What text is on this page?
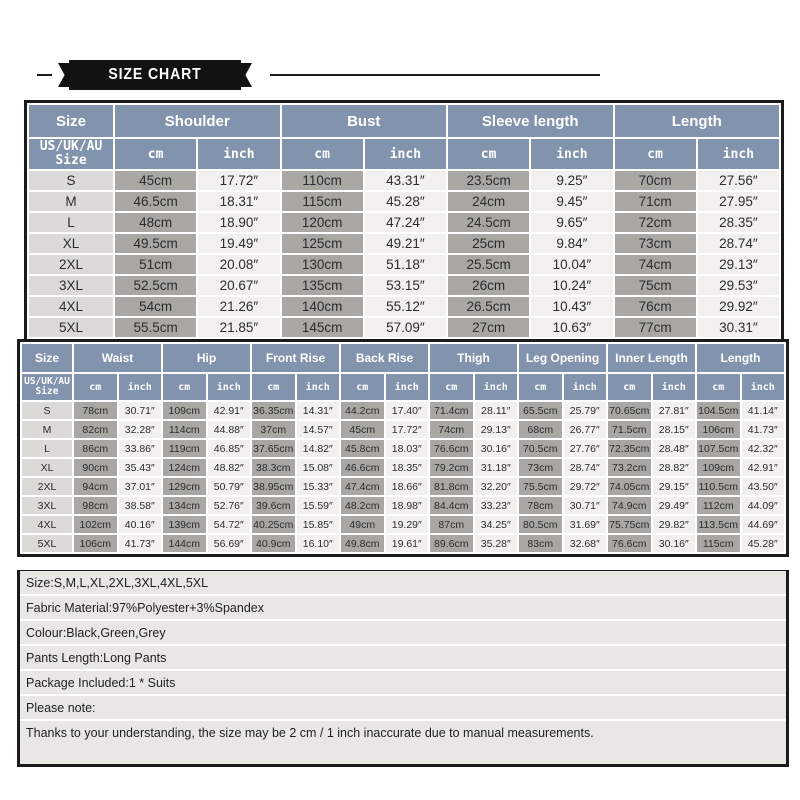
SIZE CHART
Size	Shoulder		Bust		Sleeve length		Length	
US/UK/AU Size	cm	inch	cm	inch	cm	inch	cm	inch
S	45cm	17.72″	110cm	43.31″	23.5cm	9.25″	70cm	27.56″
M	46.5cm	18.31″	115cm	45.28″	24cm	9.45″	71cm	27.95″
L	48cm	18.90″	120cm	47.24″	24.5cm	9.65″	72cm	28.35″
XL	49.5cm	19.49″	125cm	49.21″	25cm	9.84″	73cm	28.74″
2XL	51cm	20.08″	130cm	51.18″	25.5cm	10.04″	74cm	29.13″
3XL	52.5cm	20.67″	135cm	53.15″	26cm	10.24″	75cm	29.53″
4XL	54cm	21.26″	140cm	55.12″	26.5cm	10.43″	76cm	29.92″
5XL	55.5cm	21.85″	145cm	57.09″	27cm	10.63″	77cm	30.31″
Size	Waist		Hip		Front Rise		Back Rise		Thigh		Leg Opening		Inner Length		Length	
US/UK/AU Size	cm	inch	cm	inch	cm	inch	cm	inch	cm	inch	cm	inch	cm	inch	cm	inch
S	78cm	30.71″	109cm	42.91″	36.35cm	14.31″	44.2cm	17.40″	71.4cm	28.11″	65.5cm	25.79″	70.65cm	27.81″	104.5cm	41.14″
M	82cm	32.28″	114cm	44.88″	37cm	14.57″	45cm	17.72″	74cm	29.13″	68cm	26.77″	71.5cm	28.15″	106cm	41.73″
L	86cm	33.86″	119cm	46.85″	37.65cm	14.82″	45.8cm	18.03″	76.6cm	30.16″	70.5cm	27.76″	72.35cm	28.48″	107.5cm	42.32″
XL	90cm	35.43″	124cm	48.82″	38.3cm	15.08″	46.6cm	18.35″	79.2cm	31.18″	73cm	28.74″	73.2cm	28.82″	109cm	42.91″
2XL	94cm	37.01″	129cm	50.79″	38.95cm	15.33″	47.4cm	18.66″	81.8cm	32.20″	75.5cm	29.72″	74.05cm	29.15″	110.5cm	43.50″
3XL	98cm	38.58″	134cm	52.76″	39.6cm	15.59″	48.2cm	18.98″	84.4cm	33.23″	78cm	30.71″	74.9cm	29.49″	112cm	44.09″
4XL	102cm	40.16″	139cm	54.72″	40.25cm	15.85″	49cm	19.29″	87cm	34.25″	80.5cm	31.69″	75.75cm	29.82″	113.5cm	44.69″
5XL	106cm	41.73″	144cm	56.69″	40.9cm	16.10″	49.8cm	19.61″	89.6cm	35.28″	83cm	32.68″	76.6cm	30.16″	115cm	45.28″
Size:S,M,L,XL,2XL,3XL,4XL,5XL
Fabric Material:97%Polyester+3%Spandex
Colour:Black,Green,Grey
Pants Length:Long Pants
Package Included:1 * Suits
Please note:
Thanks to your understanding, the size may be 2 cm / 1 inch inaccurate due to manual measurements.
